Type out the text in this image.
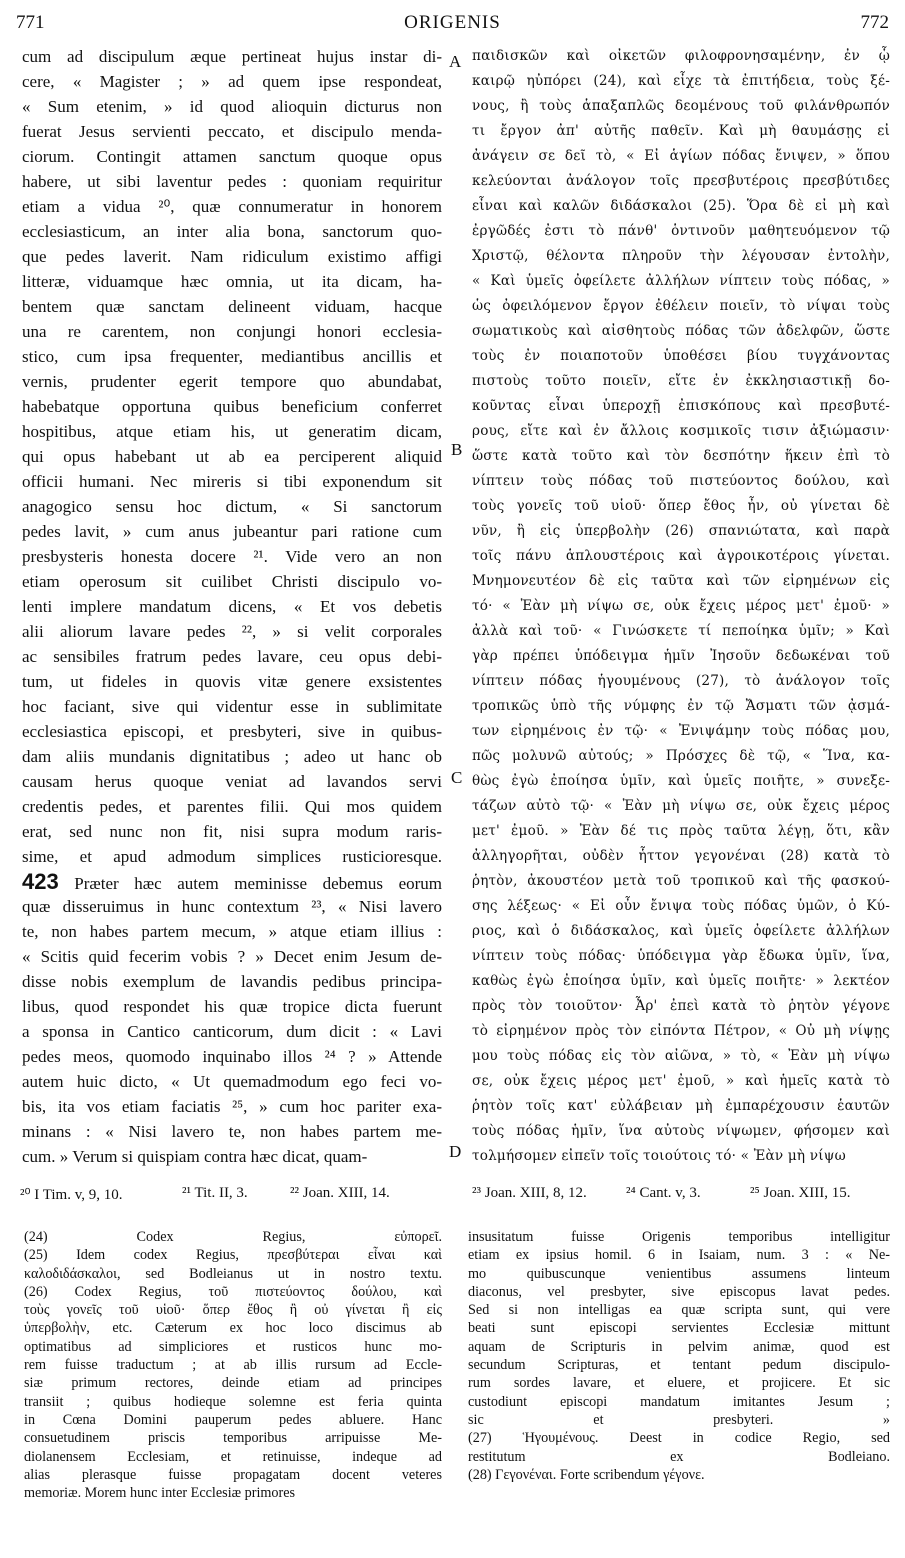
771	ORIGENIS	772
cum ad discipulum æque pertineat hujus instar di-
cere, « Magister ; » ad quem ipse respondeat,
« Sum etenim, » id quod alioquin dicturus non
fuerat Jesus servienti peccato, et discipulo menda-
ciorum. Contingit attamen sanctum quoque opus
habere, ut sibi laventur pedes : quoniam requiritur
etiam a vidua ²⁰, quæ connumeratur in honorem
ecclesiasticum, an inter alia bona, sanctorum quo-
que pedes laverit. Nam ridiculum existimo affigi
litteræ, viduamque hæc omnia, ut ita dicam, ha-
bentem quæ sanctam delineent viduam, hacque
una re carentem, non conjungi honori ecclesia-
stico, cum ipsa frequenter, mediantibus ancillis et
vernis, prudenter egerit tempore quo abundabat,
habebatque opportuna quibus beneficium conferret
hospitibus, atque etiam his, ut generatim dicam,
qui opus habebant ut ab ea perciperent aliquid
officii humani. Nec mireris si tibi exponendum sit
anagogico sensu hoc dictum, « Si sanctorum
pedes lavit, » cum anus jubeantur pari ratione cum
presbysteris honesta docere ²¹. Vide vero an non
etiam operosum sit cuilibet Christi discipulo vo-
lenti implere mandatum dicens, « Et vos debetis
alii aliorum lavare pedes ²², » si velit corporales
ac sensibiles fratrum pedes lavare, ceu opus debi-
tum, ut fideles in quovis vitæ genere exsistentes
hoc faciant, sive qui videntur esse in sublimitate
ecclesiastica episcopi, et presbyteri, sive in quibus-
dam aliis mundanis dignitatibus ; adeo ut hanc ob
causam herus quoque veniat ad lavandos servi
credentis pedes, et parentes filii. Qui mos quidem
erat, sed nunc non fit, nisi supra modum raris-
sime, et apud admodum simplices rusticioresque.
423 Præter hæc autem meminisse debemus eorum
quæ disseruimus in hunc contextum ²³, « Nisi lavero
te, non habes partem mecum, » atque etiam illius :
« Scitis quid fecerim vobis ? » Decet enim Jesum de-
disse nobis exemplum de lavandis pedibus principa-
libus, quod respondet his quæ tropice dicta fuerunt
a sponsa in Cantico canticorum, dum dicit : « Lavi
pedes meos, quomodo inquinabo illos ²⁴ ? » Attende
autem huic dicto, « Ut quemadmodum ego feci vo-
bis, ita vos etiam faciatis ²⁵, » cum hoc pariter exa-
minans : « Nisi lavero te, non habes partem me-
cum. » Verum si quispiam contra hæc dicat, quam-
παιδισκῶν καὶ οἰκετῶν φιλοφρονησαμένην, ἐν ᾧ
καιρῷ ηὐπόρει (24), καὶ εἶχε τὰ ἐπιτήδεια, τοὺς ξέ-
νους, ἢ τοὺς ἁπαξαπλῶς δεομένους τοῦ φιλάνθρωπόν
τι ἔργον ἀπ' αὐτῆς παθεῖν. Καὶ μὴ θαυμάσῃς εἰ
ἀνάγειν σε δεῖ τὸ, « Εἰ ἁγίων πόδας ἔνιψεν, » ὅπου
κελεύονται ἀνάλογον τοῖς πρεσβυτέροις πρεσβύτιδες
εἶναι καὶ καλῶν διδάσκαλοι (25). Ὅρα δὲ εἰ μὴ καὶ
ἐργῶδές ἐστι τὸ πάνθ' ὁντινοῦν μαθητευόμενον τῷ
Χριστῷ, θέλοντα πληροῦν τὴν λέγουσαν ἐντολὴν,
« Καὶ ὑμεῖς ὀφείλετε ἀλλήλων νίπτειν τοὺς πόδας, »
ὡς ὀφειλόμενον ἔργον ἐθέλειν ποιεῖν, τὸ νίψαι τοὺς
σωματικοὺς καὶ αἰσθητοὺς πόδας τῶν ἀδελφῶν, ὥστε
τοὺς ἐν ποιαποτοῦν ὑποθέσει βίου τυγχάνοντας
πιστοὺς τοῦτο ποιεῖν, εἴτε ἐν ἐκκλησιαστικῇ δο-
κοῦντας εἶναι ὑπεροχῇ ἐπισκόπους καὶ πρεσβυτέ-
ρους, εἴτε καὶ ἐν ἄλλοις κοσμικοῖς τισιν ἀξιώμασιν·
ὥστε κατὰ τοῦτο καὶ τὸν δεσπότην ἥκειν ἐπὶ τὸ
νίπτειν τοὺς πόδας τοῦ πιστεύοντος δούλου, καὶ
τοὺς γονεῖς τοῦ υἱοῦ· ὅπερ ἔθος ἦν, οὐ γίνεται δὲ
νῦν, ἢ εἰς ὑπερβολὴν (26) σπανιώτατα, καὶ παρὰ
τοῖς πάνυ ἁπλουστέροις καὶ ἀγροικοτέροις γίνεται.
Μνημονευτέον δὲ εἰς ταῦτα καὶ τῶν εἰρημένων εἰς
τό· « Ἐὰν μὴ νίψω σε, οὐκ ἔχεις μέρος μετ' ἐμοῦ· »
ἀλλὰ καὶ τοῦ· « Γινώσκετε τί πεποίηκα ὑμῖν; » Καὶ
γὰρ πρέπει ὑπόδειγμα ἡμῖν Ἰησοῦν δεδωκέναι τοῦ
νίπτειν πόδας ἡγουμένους (27), τὸ ἀνάλογον τοῖς
τροπικῶς ὑπὸ τῆς νύμφης ἐν τῷ Ἄσματι τῶν ᾀσμά-
των εἰρημένοις ἐν τῷ· « Ἐνιψάμην τοὺς πόδας μου,
πῶς μολυνῶ αὐτούς; » Πρόσχες δὲ τῷ, « Ἵνα, κα-
θὼς ἐγὼ ἐποίησα ὑμῖν, καὶ ὑμεῖς ποιῆτε, » συνεξε-
τάζων αὐτὸ τῷ· « Ἐὰν μὴ νίψω σε, οὐκ ἔχεις μέρος
μετ' ἐμοῦ. » Ἐὰν δέ τις πρὸς ταῦτα λέγῃ, ὅτι, κἂν
ἀλληγορῆται, οὐδὲν ἧττον γεγονέναι (28) κατὰ τὸ
ῥητὸν, ἀκουστέον μετὰ τοῦ τροπικοῦ καὶ τῆς φασκού-
σης λέξεως· « Εἰ οὖν ἔνιψα τοὺς πόδας ὑμῶν, ὁ Κύ-
ριος, καὶ ὁ διδάσκαλος, καὶ ὑμεῖς ὀφείλετε ἀλλήλων
νίπτειν τοὺς πόδας· ὑπόδειγμα γὰρ ἔδωκα ὑμῖν, ἵνα,
καθὼς ἐγὼ ἐποίησα ὑμῖν, καὶ ὑμεῖς ποιῆτε· » λεκτέον
πρὸς τὸν τοιοῦτον· Ἆρ' ἐπεὶ κατὰ τὸ ῥητὸν γέγονε
τὸ εἰρημένον πρὸς τὸν εἰπόντα Πέτρον, « Οὐ μὴ νίψῃς
μου τοὺς πόδας εἰς τὸν αἰῶνα, » τὸ, « Ἐὰν μὴ νίψω
σε, οὐκ ἔχεις μέρος μετ' ἐμοῦ, » καὶ ἡμεῖς κατὰ τὸ
ῥητὸν τοῖς κατ' εὐλάβειαν μὴ ἐμπαρέχουσιν ἑαυτῶν
τοὺς πόδας ἡμῖν, ἵνα αὐτοὺς νίψωμεν, φήσομεν καὶ
τολμήσομεν εἰπεῖν τοῖς τοιούτοις τό· « Ἐὰν μὴ νίψω
A
B
C
D
²⁰ I Tim. v, 9, 10.	²¹ Tit. II, 3.	²² Joan. XIII, 14.	²³ Joan. XIII, 8, 12.	²⁴ Cant. v, 3.	²⁵ Joan. XIII, 15.
(24) Codex Regius, εὐπορεῖ.
(25) Idem codex Regius, πρεσβύτεραι εἶναι καὶ
καλοδιδάσκαλοι, sed Bodleianus ut in nostro textu.
(26) Codex Regius, τοῦ πιστεύοντος δούλου, καὶ
τοὺς γονεῖς τοῦ υἱοῦ· ὅπερ ἔθος ἢ οὐ γίνεται ἢ εἰς
ὑπερβολὴν, etc. Cæterum ex hoc loco discimus ab
optimatibus ad simpliciores et rusticos hunc mo-
rem fuisse traductum ; at ab illis rursum ad Eccle-
siæ primum rectores, deinde etiam ad principes
transiit ; quibus hodieque solemne est feria quinta
in Cœna Domini pauperum pedes abluere. Hanc
consuetudinem priscis temporibus arripuisse Me-
diolanensem Ecclesiam, et retinuisse, indeque ad
alias plerasque fuisse propagatam docent veteres
memoriæ. Morem hunc inter Ecclesiæ primores
insusitatum fuisse Origenis temporibus intelligitur
etiam ex ipsius homil. 6 in Isaiam, num. 3 : « Ne-
mo quibuscunque venientibus assumens linteum
diaconus, vel presbyter, sive episcopus lavat pedes.
Sed si non intelligas ea quæ scripta sunt, qui vere
beati sunt episcopi servientes Ecclesiæ mittunt
aquam de Scripturis in pelvim animæ, quod est
secundum Scripturas, et tentant pedum discipulo-
rum sordes lavare, et eluere, et projicere. Et sic
custodiunt episcopi mandatum imitantes Jesum ;
sic et presbyteri. »
(27) Ἡγουμένους. Deest in codice Regio, sed
restitutum ex Bodleiano.
(28) Γεγονέναι. Forte scribendum γέγονε.
